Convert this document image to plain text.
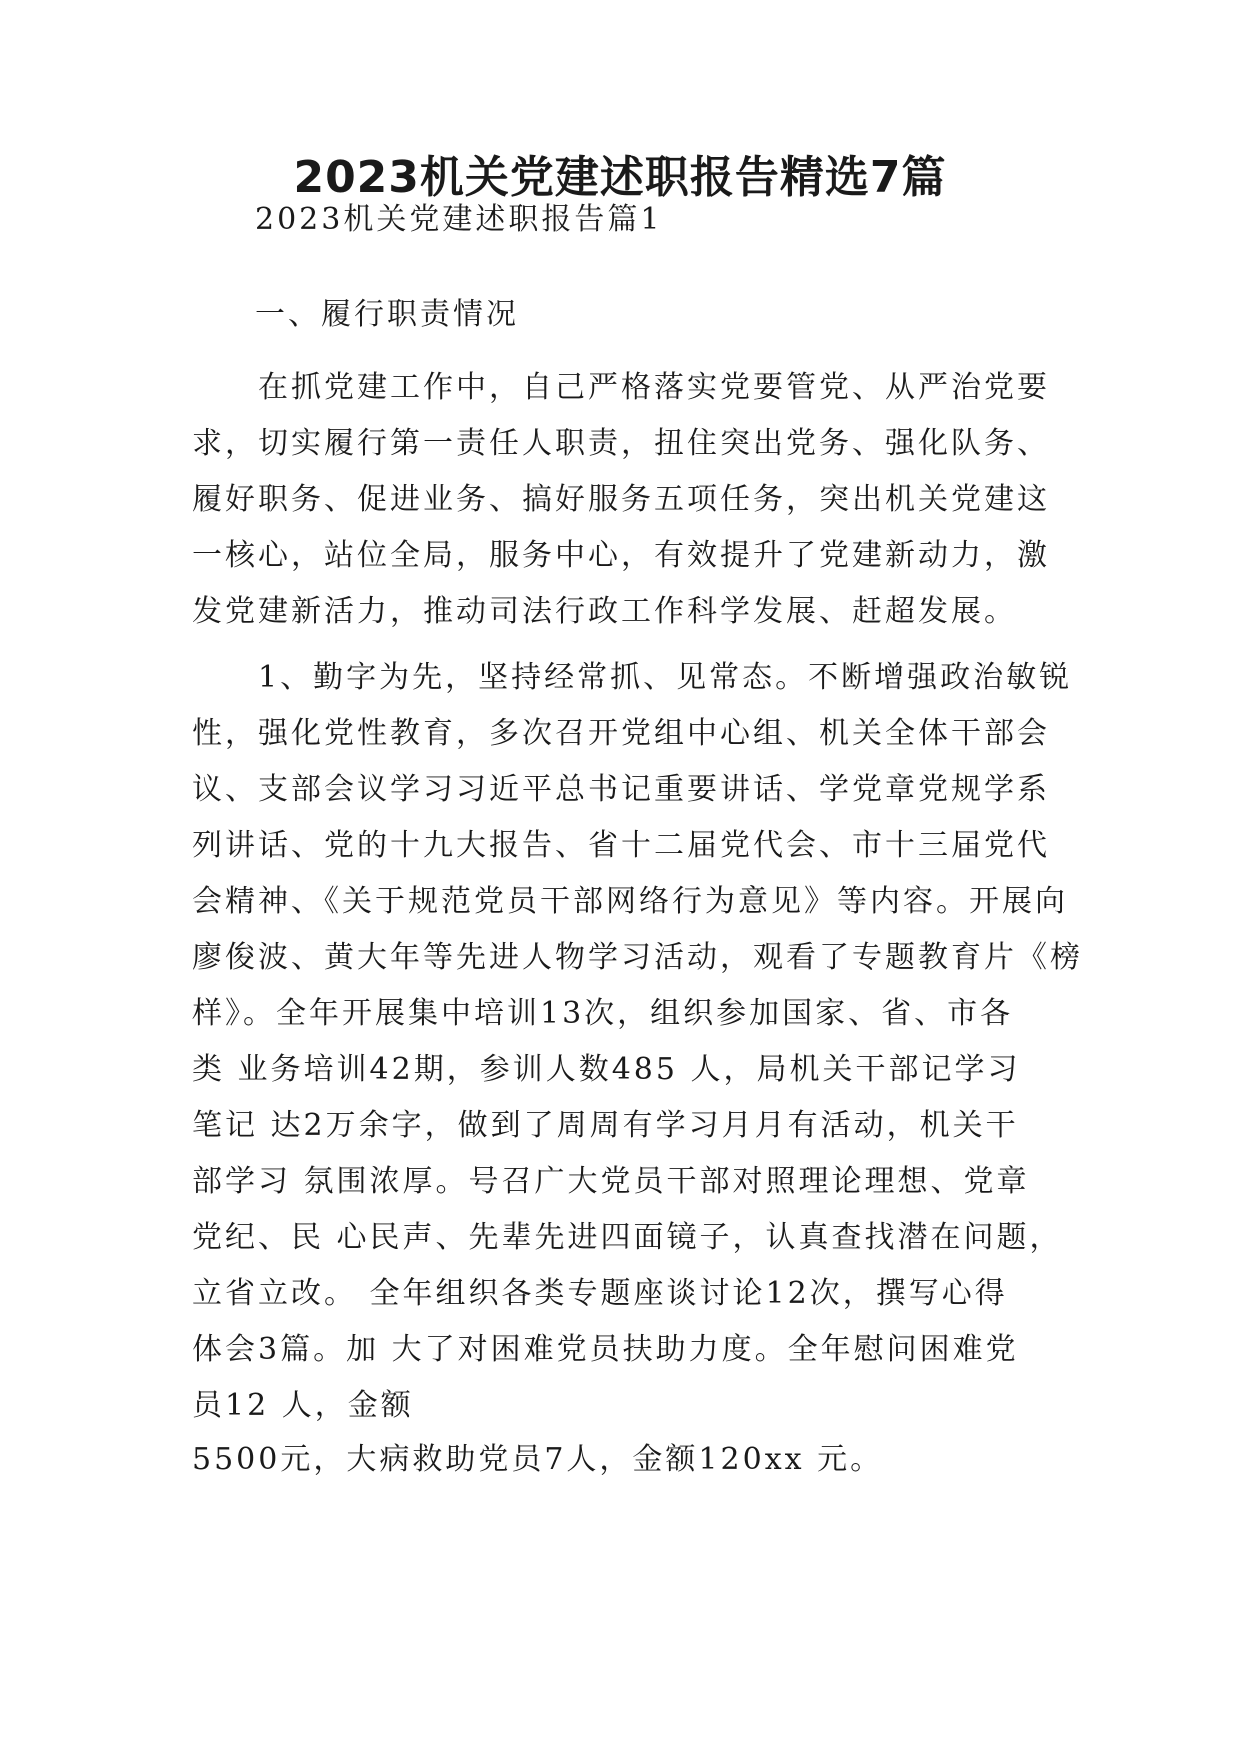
2023机关党建述职报告精选7篇

2023机关党建述职报告篇1

一、履行职责情况

　　在抓党建工作中，自己严格落实党要管党、从严治党要
求，切实履行第一责任人职责，扭住突出党务、强化队务、
履好职务、促进业务、搞好服务五项任务，突出机关党建这
一核心，站位全局，服务中心，有效提升了党建新动力，激
发党建新活力，推动司法行政工作科学发展、赶超发展。
　　1、勤字为先，坚持经常抓、见常态。不断增强政治敏锐
性，强化党性教育，多次召开党组中心组、机关全体干部会
议、支部会议学习习近平总书记重要讲话、学党章党规学系
列讲话、党的十九大报告、省十二届党代会、市十三届党代
会精神、《关于规范党员干部网络行为意见》等内容。开展向
廖俊波、黄大年等先进人物学习活动，观看了专题教育片《榜
样》。全年开展集中培训13次，组织参加国家、省、市各
类 业务培训42期，参训人数485 人，局机关干部记学习
笔记 达2万余字，做到了周周有学习月月有活动，机关干
部学习 氛围浓厚。号召广大党员干部对照理论理想、党章
党纪、民 心民声、先辈先进四面镜子，认真查找潜在问题，
立省立改。 全年组织各类专题座谈讨论12次，撰写心得
体会3篇。加 大了对困难党员扶助力度。全年慰问困难党
员12 人，金额

5500元，大病救助党员7人，金额120xx 元。
